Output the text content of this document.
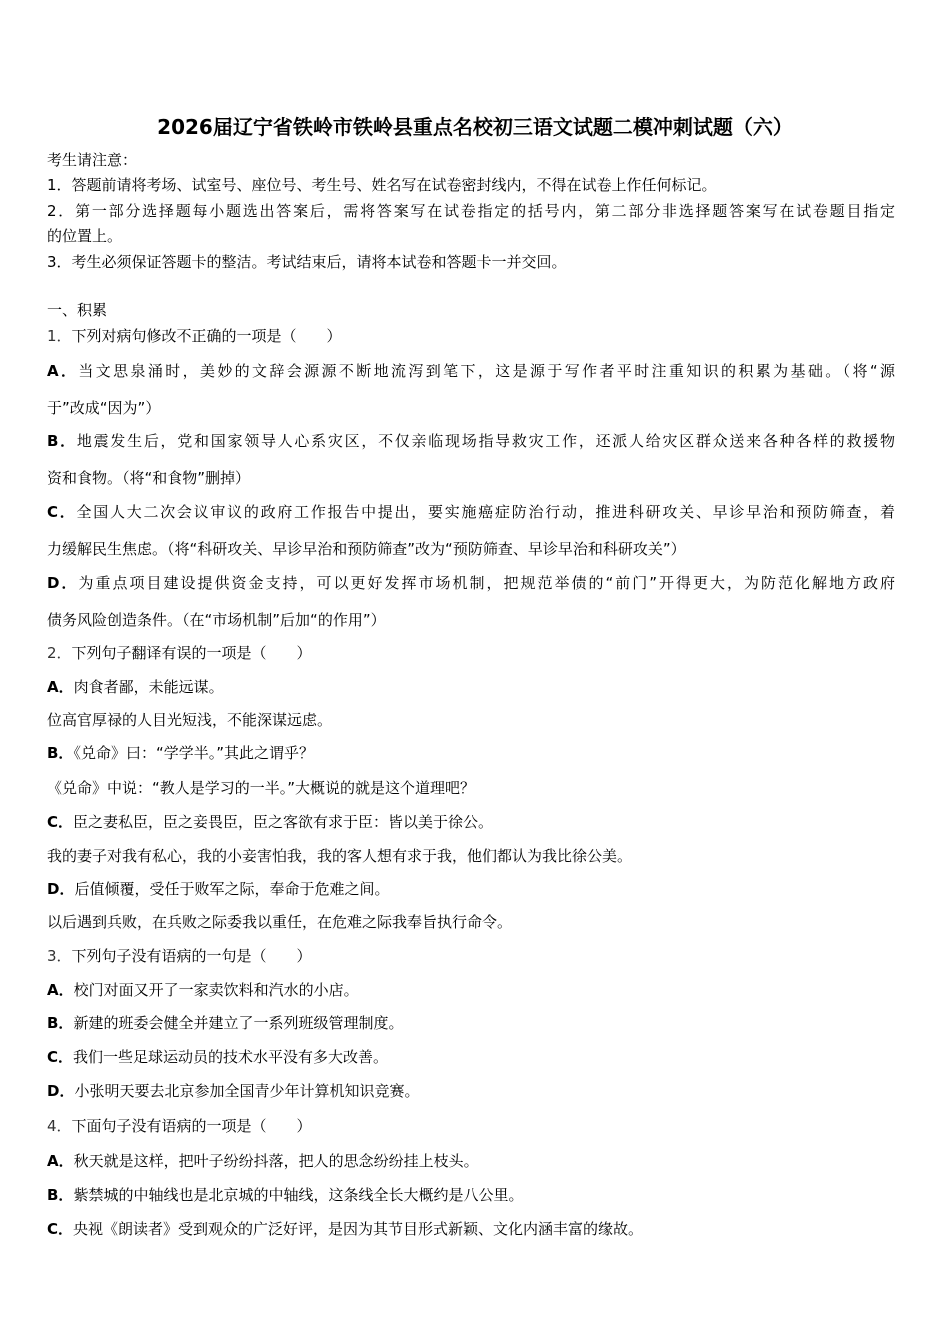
2026届辽宁省铁岭市铁岭县重点名校初三语文试题二模冲刺试题（六）
考生请注意：
1．答题前请将考场、试室号、座位号、考生号、姓名写在试卷密封线内，不得在试卷上作任何标记。
2．第一部分选择题每小题选出答案后，需将答案写在试卷指定的括号内，第二部分非选择题答案写在试卷题目指定
的位置上。
3．考生必须保证答题卡的整洁。考试结束后，请将本试卷和答题卡一并交回。
一、积累
1．下列对病句修改不正确的一项是（　　）
A．当文思泉涌时，美妙的文辞会源源不断地流泻到笔下，这是源于写作者平时注重知识的积累为基础。（将“源
于”改成“因为”）
B．地震发生后，党和国家领导人心系灾区，不仅亲临现场指导救灾工作，还派人给灾区群众送来各种各样的救援物
资和食物。（将“和食物”删掉）
C．全国人大二次会议审议的政府工作报告中提出，要实施癌症防治行动，推进科研攻关、早诊早治和预防筛查，着
力缓解民生焦虑。（将“科研攻关、早诊早治和预防筛查”改为“预防筛查、早诊早治和科研攻关”）
D．为重点项目建设提供资金支持，可以更好发挥市场机制，把规范举债的“前门”开得更大，为防范化解地方政府
债务风险创造条件。（在“市场机制”后加“的作用”）
2．下列句子翻译有误的一项是（　　）
A．肉食者鄙，未能远谋。
位高官厚禄的人目光短浅，不能深谋远虑。
B．《兑命》曰：“学学半。”其此之谓乎？
《兑命》中说：“教人是学习的一半。”大概说的就是这个道理吧？
C．臣之妻私臣，臣之妾畏臣，臣之客欲有求于臣：皆以美于徐公。
我的妻子对我有私心，我的小妾害怕我，我的客人想有求于我，他们都认为我比徐公美。
D．后值倾覆，受任于败军之际，奉命于危难之间。
以后遇到兵败，在兵败之际委我以重任，在危难之际我奉旨执行命令。
3．下列句子没有语病的一句是（　　）
A．校门对面又开了一家卖饮料和汽水的小店。
B．新建的班委会健全并建立了一系列班级管理制度。
C．我们一些足球运动员的技术水平没有多大改善。
D．小张明天要去北京参加全国青少年计算机知识竞赛。
4．下面句子没有语病的一项是（　　）
A．秋天就是这样，把叶子纷纷抖落，把人的思念纷纷挂上枝头。
B．紫禁城的中轴线也是北京城的中轴线，这条线全长大概约是八公里。
C．央视《朗读者》受到观众的广泛好评，是因为其节目形式新颖、文化内涵丰富的缘故。
